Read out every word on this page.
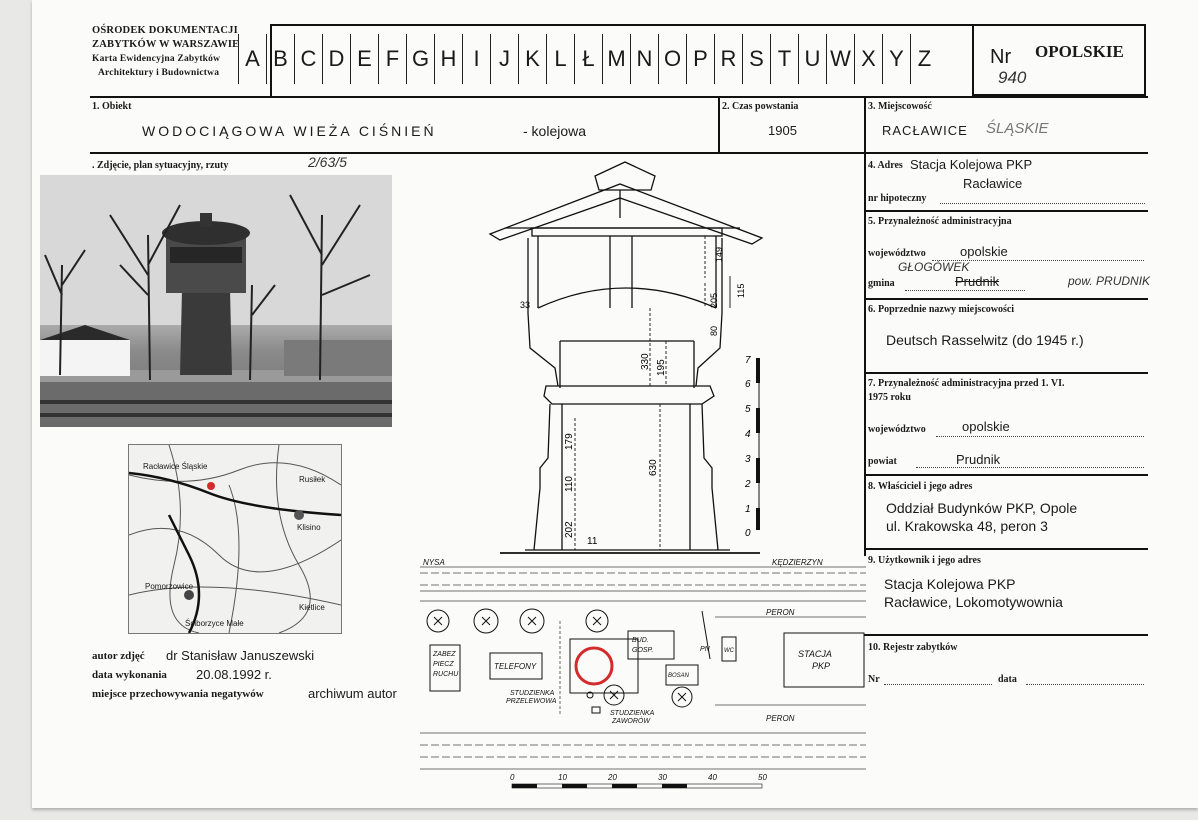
OŚRODEK DOKUMENTACJI
ZABYTKÓW W WARSZAWIE
Karta Ewidencyjna Zabytków
Architektury i Budownictwa
A B C D E F G H I J K L Ł M N O P R S T U W X Y Z	Nr OPOLSKIE
940
1. Obiekt
WODOCIĄGOWA WIEŻA CIŚNIEŃ	- kolejowa
2. Czas powstania
1905
3. Miejscowość
RACŁAWICE ŚLĄSKIE
. Zdjęcie, plan sytuacyjny, rzuty	2/63/5
Racławice Śląskie
Pomorzowice
Ściborzyce Małe
Kietlice
Klisino
Rusiłek
autor zdjęć dr Stanisław Januszewski
data wykonania 20.08.1992 r.
miejsce przechowywania negatywów	archiwum autor
149
205
115
80
33
330 195
630
179
110
202
11
7
6
5
4
3
2
1
0
NYSA	KĘDZIERZYN
PERON
PERON
ZABEZ
PIECZ
RUCHU
TELEFONY
BUD.
GOSP.	PN WC	STACJA
PKP
STUDZIENKA
PRZELEWOWA
STUDZIENKA
ZAWORÓW
BOSAN
0	10	20	30	40	50
4. Adres Stacja Kolejowa PKP
Racławice
nr hipoteczny
5. Przynależność administracyjna
województwo	opolskie
GŁOGÓWEK
gmina	Prudnik	pow. PRUDNIK
6. Poprzednie nazwy miejscowości
Deutsch Rasselwitz (do 1945 r.)
7. Przynależność administracyjna przed 1. VI.
1975 roku
województwo	opolskie
powiat	Prudnik
8. Właściciel i jego adres
Oddział Budynków PKP, Opole
ul. Krakowska 48, peron 3
9. Użytkownik i jego adres
Stacja Kolejowa PKP
Racławice, Lokomotywownia
10. Rejestr zabytków
Nr	data
